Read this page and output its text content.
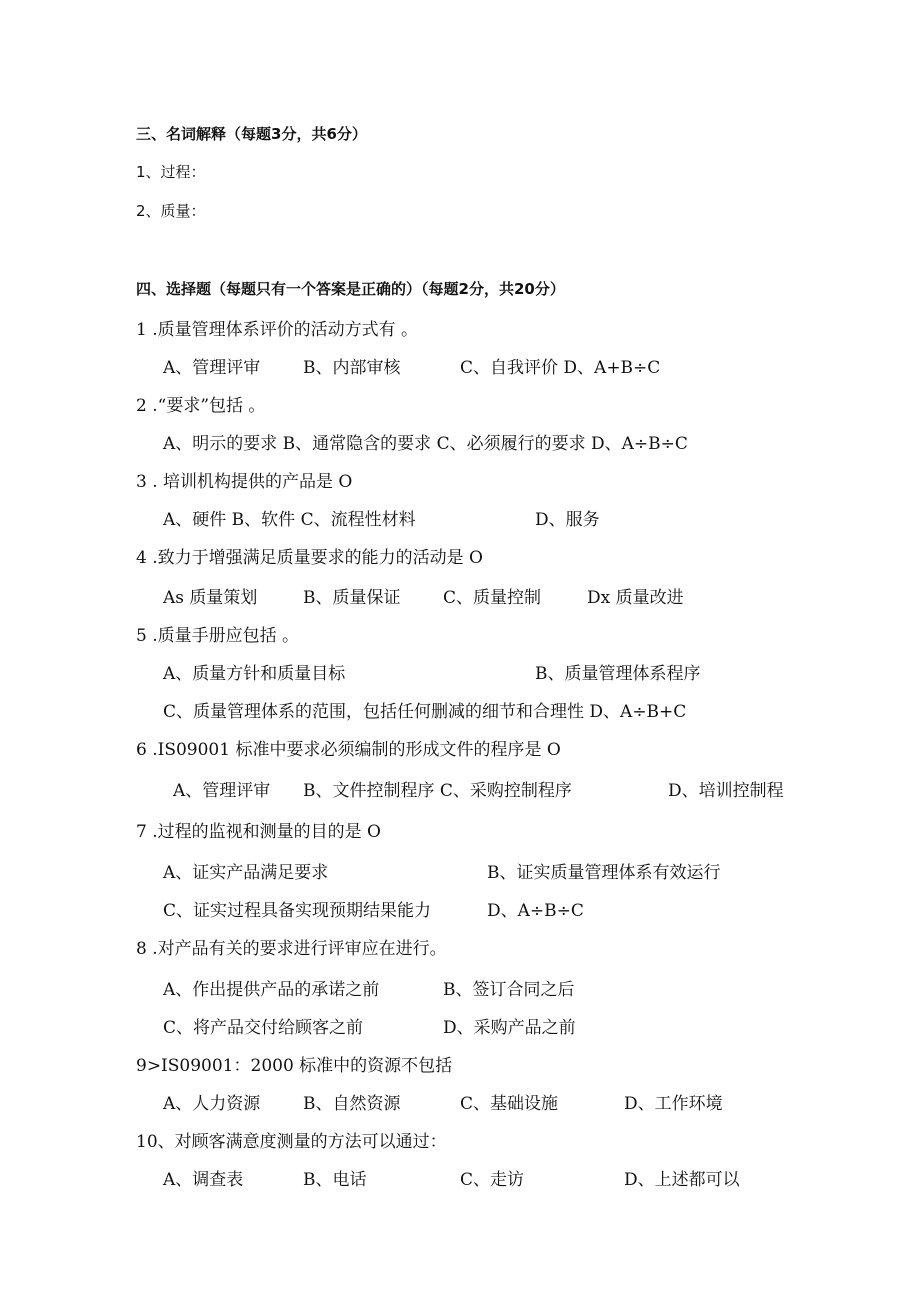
三、名词解释（每题3分，共6分）
1、过程：
2、质量：
四、选择题（每题只有一个答案是正确的）（每题2分，共20分）
1 .质量管理体系评价的活动方式有 。
A、管理评审	B、内部审核	C、自我评价 D、A+B÷C
2 .“要求”包括 。
A、明示的要求 B、通常隐含的要求 C、必须履行的要求 D、A÷B÷C
3 . 培训机构提供的产品是 O
A、硬件 B、软件 C、流程性材料	D、服务
4 .致力于增强满足质量要求的能力的活动是 O
As 质量策划	B、质量保证	C、质量控制	Dx 质量改进
5 .质量手册应包括 。
A、质量方针和质量目标	B、质量管理体系程序
C、质量管理体系的范围，包括任何删减的细节和合理性 D、A÷B+C
6 .IS09001 标准中要求必须编制的形成文件的程序是 O
A、管理评审 B、文件控制程序 C、采购控制程序	D、培训控制程
7 .过程的监视和测量的目的是 O
A、证实产品满足要求	B、证实质量管理体系有效运行
C、证实过程具备实现预期结果能力	D、A÷B÷C
8 .对产品有关的要求进行评审应在进行。
A、作出提供产品的承诺之前	B、签订合同之后
C、将产品交付给顾客之前	D、采购产品之前
9>IS09001：2000 标准中的资源不包括
A、人力资源	B、自然资源	C、基础设施	D、工作环境
10、对顾客满意度测量的方法可以通过：
A、调查表	B、电话	C、走访	D、上述都可以
